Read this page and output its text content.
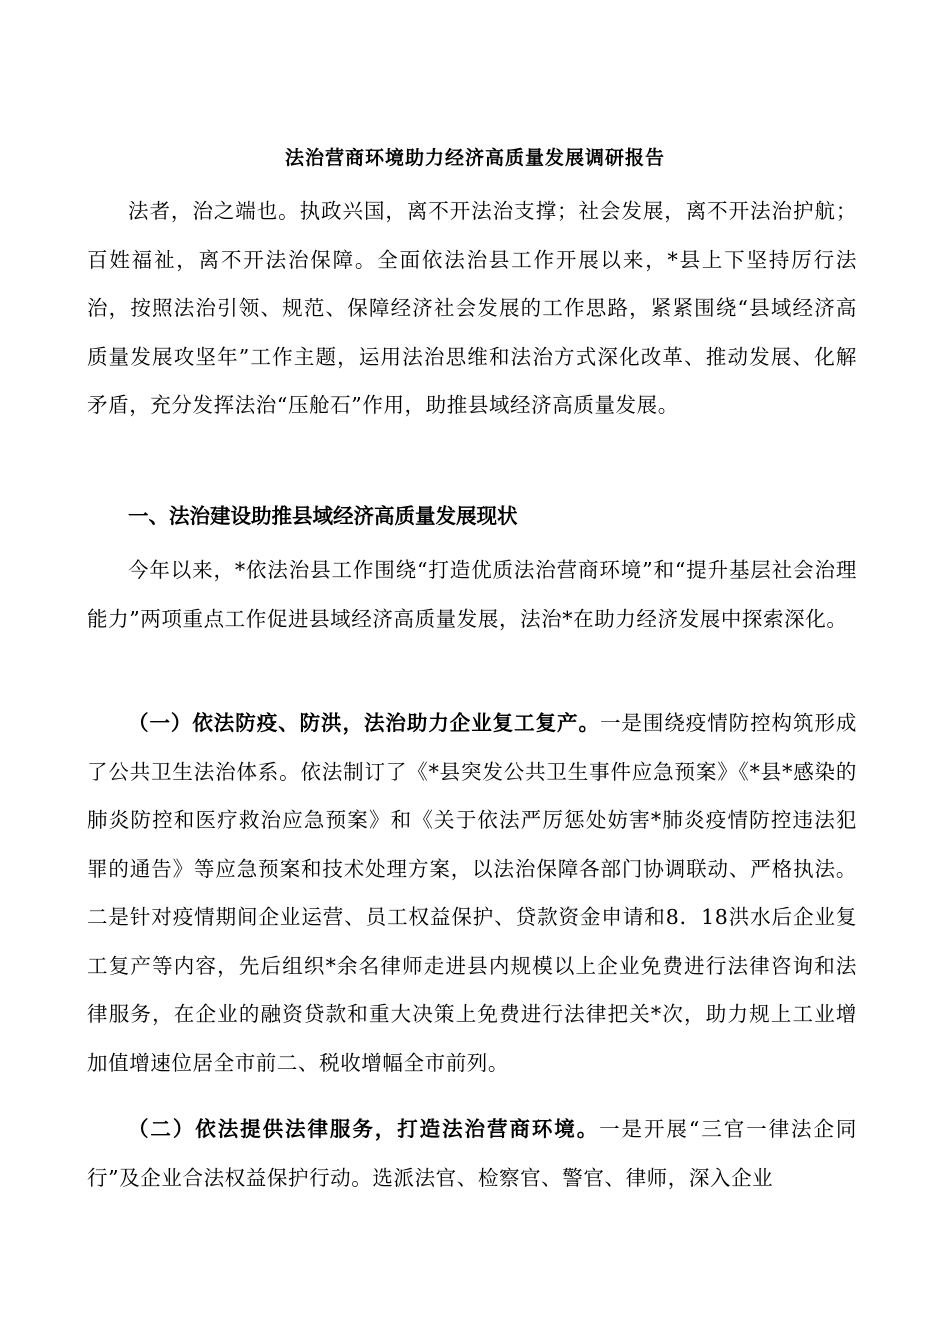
法治营商环境助力经济高质量发展调研报告

法者，治之端也。执政兴国，离不开法治支撑；社会发展，离不开法治护航；百姓福祉，离不开法治保障。全面依法治县工作开展以来，*县上下坚持厉行法治，按照法治引领、规范、保障经济社会发展的工作思路，紧紧围绕“县域经济高质量发展攻坚年”工作主题，运用法治思维和法治方式深化改革、推动发展、化解矛盾，充分发挥法治“压舱石”作用，助推县域经济高质量发展。

一、法治建设助推县域经济高质量发展现状

今年以来，*依法治县工作围绕“打造优质法治营商环境”和“提升基层社会治理能力”两项重点工作促进县域经济高质量发展，法治*在助力经济发展中探索深化。

（一）依法防疫、防洪，法治助力企业复工复产。一是围绕疫情防控构筑形成了公共卫生法治体系。依法制订了《*县突发公共卫生事件应急预案》《*县*感染的肺炎防控和医疗救治应急预案》和《关于依法严厉惩处妨害*肺炎疫情防控违法犯罪的通告》等应急预案和技术处理方案，以法治保障各部门协调联动、严格执法。二是针对疫情期间企业运营、员工权益保护、贷款资金申请和8．18洪水后企业复工复产等内容，先后组织*余名律师走进县内规模以上企业免费进行法律咨询和法律服务，在企业的融资贷款和重大决策上免费进行法律把关*次，助力规上工业增加值增速位居全市前二、税收增幅全市前列。

（二）依法提供法律服务，打造法治营商环境。一是开展“三官一律法企同行”及企业合法权益保护行动。选派法官、检察官、警官、律师，深入企业
